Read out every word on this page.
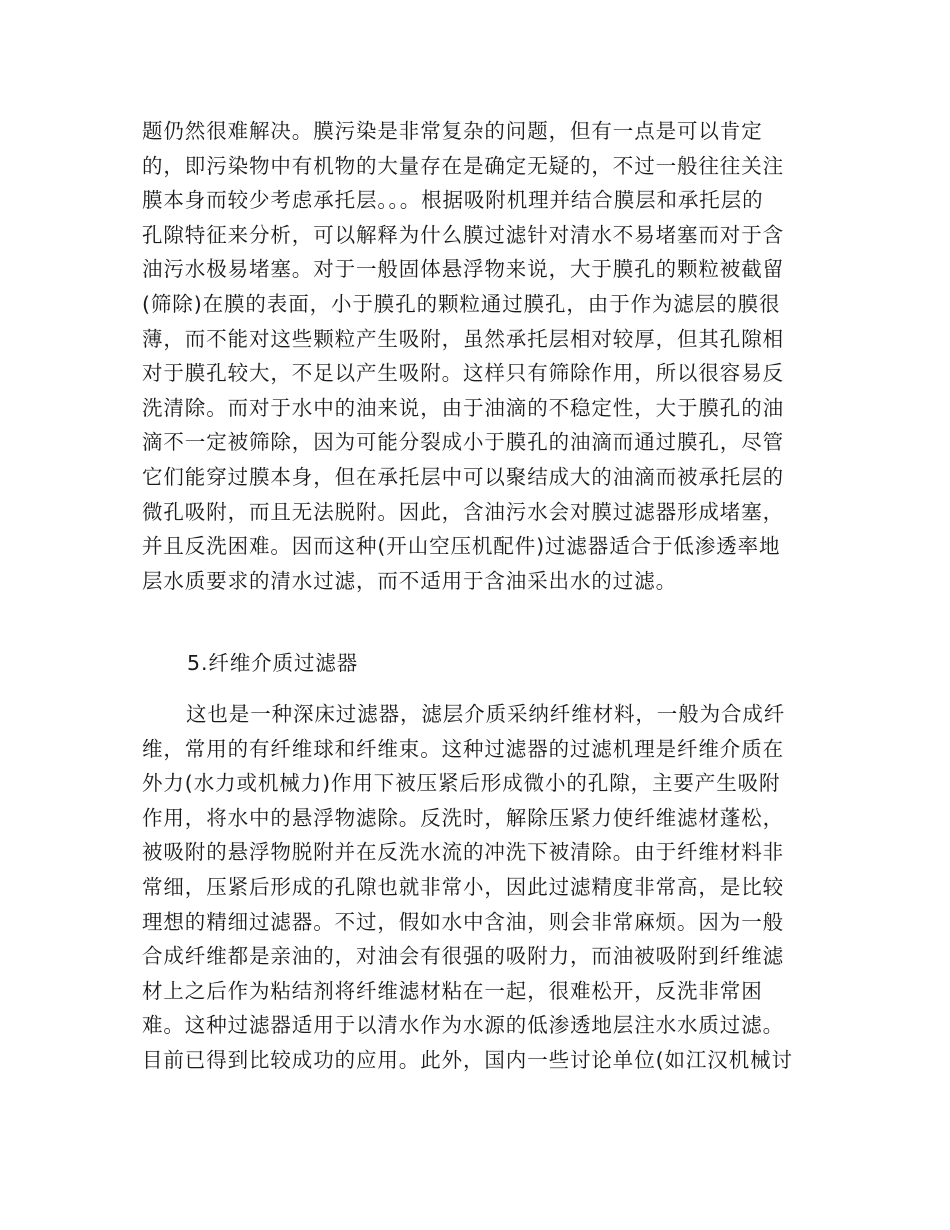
题仍然很难解决。膜污染是非常复杂的问题，但有一点是可以肯定
的，即污染物中有机物的大量存在是确定无疑的，不过一般往往关注
膜本身而较少考虑承托层。。。根据吸附机理并结合膜层和承托层的
孔隙特征来分析，可以解释为什么膜过滤针对清水不易堵塞而对于含
油污水极易堵塞。对于一般固体悬浮物来说，大于膜孔的颗粒被截留
(筛除)在膜的表面，小于膜孔的颗粒通过膜孔，由于作为滤层的膜很
薄，而不能对这些颗粒产生吸附，虽然承托层相对较厚，但其孔隙相
对于膜孔较大，不足以产生吸附。这样只有筛除作用，所以很容易反
洗清除。而对于水中的油来说，由于油滴的不稳定性，大于膜孔的油
滴不一定被筛除，因为可能分裂成小于膜孔的油滴而通过膜孔，尽管
它们能穿过膜本身，但在承托层中可以聚结成大的油滴而被承托层的
微孔吸附，而且无法脱附。因此，含油污水会对膜过滤器形成堵塞，
并且反洗困难。因而这种(开山空压机配件)过滤器适合于低渗透率地
层水质要求的清水过滤，而不适用于含油采出水的过滤。
5.纤维介质过滤器
这也是一种深床过滤器，滤层介质采纳纤维材料，一般为合成纤
维，常用的有纤维球和纤维束。这种过滤器的过滤机理是纤维介质在
外力(水力或机械力)作用下被压紧后形成微小的孔隙，主要产生吸附
作用，将水中的悬浮物滤除。反洗时，解除压紧力使纤维滤材蓬松，
被吸附的悬浮物脱附并在反洗水流的冲洗下被清除。由于纤维材料非
常细，压紧后形成的孔隙也就非常小，因此过滤精度非常高，是比较
理想的精细过滤器。不过，假如水中含油，则会非常麻烦。因为一般
合成纤维都是亲油的，对油会有很强的吸附力，而油被吸附到纤维滤
材上之后作为粘结剂将纤维滤材粘在一起，很难松开，反洗非常困
难。这种过滤器适用于以清水作为水源的低渗透地层注水水质过滤。
目前已得到比较成功的应用。此外，国内一些讨论单位(如江汉机械讨
